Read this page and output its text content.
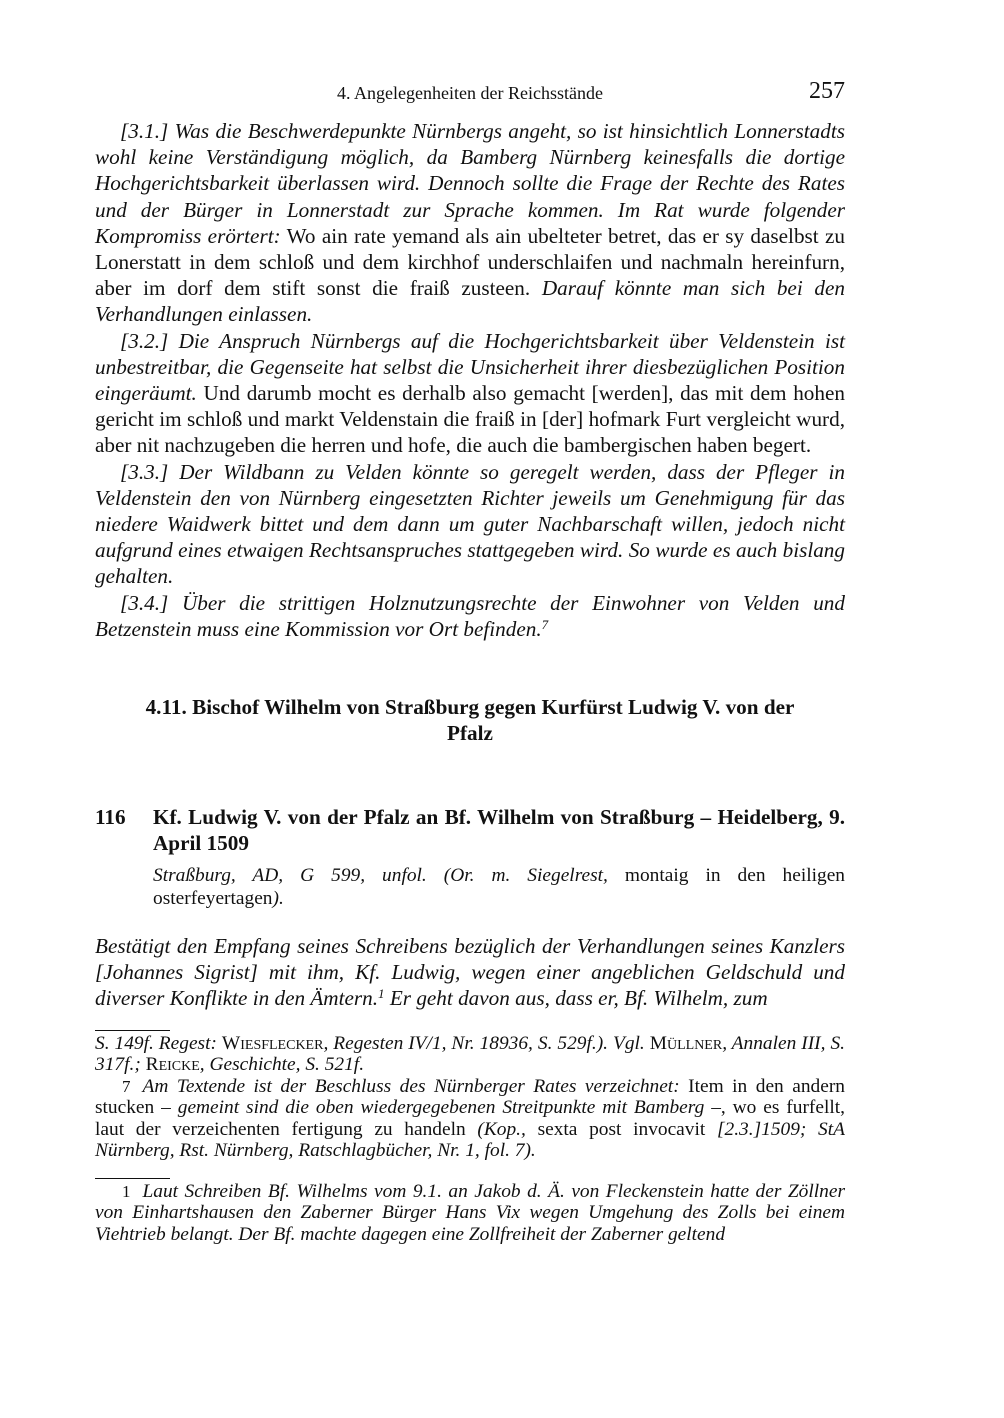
4. Angelegenheiten der Reichsstände	257

[3.1.] Was die Beschwerdepunkte Nürnbergs angeht, so ist hinsichtlich Lonnerstadts wohl keine Verständigung möglich, da Bamberg Nürnberg keinesfalls die dortige Hochgerichtsbarkeit überlassen wird. Dennoch sollte die Frage der Rechte des Rates und der Bürger in Lonnerstadt zur Sprache kommen. Im Rat wurde folgender Kompromiss erörtert: Wo ain rate yemand als ain ubelteter betret, das er sy daselbst zu Lonerstatt in dem schloß und dem kirchhof underschlaifen und nachmaln hereinfurn, aber im dorf dem stift sonst die fraiß zusteen. Darauf könnte man sich bei den Verhandlungen einlassen.

[3.2.] Die Anspruch Nürnbergs auf die Hochgerichtsbarkeit über Veldenstein ist unbestreitbar, die Gegenseite hat selbst die Unsicherheit ihrer diesbezüglichen Position eingeräumt. Und darumb mocht es derhalb also gemacht [werden], das mit dem hohen gericht im schloß und markt Veldenstain die fraiß in [der] hofmark Furt vergleicht wurd, aber nit nachzugeben die herren und hofe, die auch die bambergischen haben begert.

[3.3.] Der Wildbann zu Velden könnte so geregelt werden, dass der Pfleger in Veldenstein den von Nürnberg eingesetzten Richter jeweils um Genehmigung für das niedere Waidwerk bittet und dem dann um guter Nachbarschaft willen, jedoch nicht aufgrund eines etwaigen Rechtsanspruches stattgegeben wird. So wurde es auch bislang gehalten.

[3.4.] Über die strittigen Holznutzungsrechte der Einwohner von Velden und Betzenstein muss eine Kommission vor Ort befinden.$^7$

4.11. Bischof Wilhelm von Straßburg gegen Kurfürst Ludwig V. von der
Pfalz
116	Kf. Ludwig V. von der Pfalz an Bf. Wilhelm von Straßburg – Heidelberg, 9. April 1509
Straßburg, AD, G 599, unfol. (Or. m. Siegelrest, montaig in den heiligen osterfeyertagen).
Bestätigt den Empfang seines Schreibens bezüglich der Verhandlungen seines Kanzlers [Johannes Sigrist] mit ihm, Kf. Ludwig, wegen einer angeblichen Geldschuld und diverser Konflikte in den Ämtern.$^1$ Er geht davon aus, dass er, Bf. Wilhelm, zum

S. 149f. Regest: Wiesflecker, Regesten IV/1, Nr. 18936, S. 529f.). Vgl. Müllner, Annalen III, S. 317f.; Reicke, Geschichte, S. 521f.

7 Am Textende ist der Beschluss des Nürnberger Rates verzeichnet: Item in den andern stucken – gemeint sind die oben wiedergegebenen Streitpunkte mit Bamberg –, wo es furfellt, laut der verzeichenten fertigung zu handeln (Kop., sexta post invocavit [2.3.]1509; StA Nürnberg, Rst. Nürnberg, Ratschlagbücher, Nr. 1, fol. 7).

1 Laut Schreiben Bf. Wilhelms vom 9.1. an Jakob d. Ä. von Fleckenstein hatte der Zöllner von Einhartshausen den Zaberner Bürger Hans Vix wegen Umgehung des Zolls bei einem Viehtrieb belangt. Der Bf. machte dagegen eine Zollfreiheit der Zaberner geltend
